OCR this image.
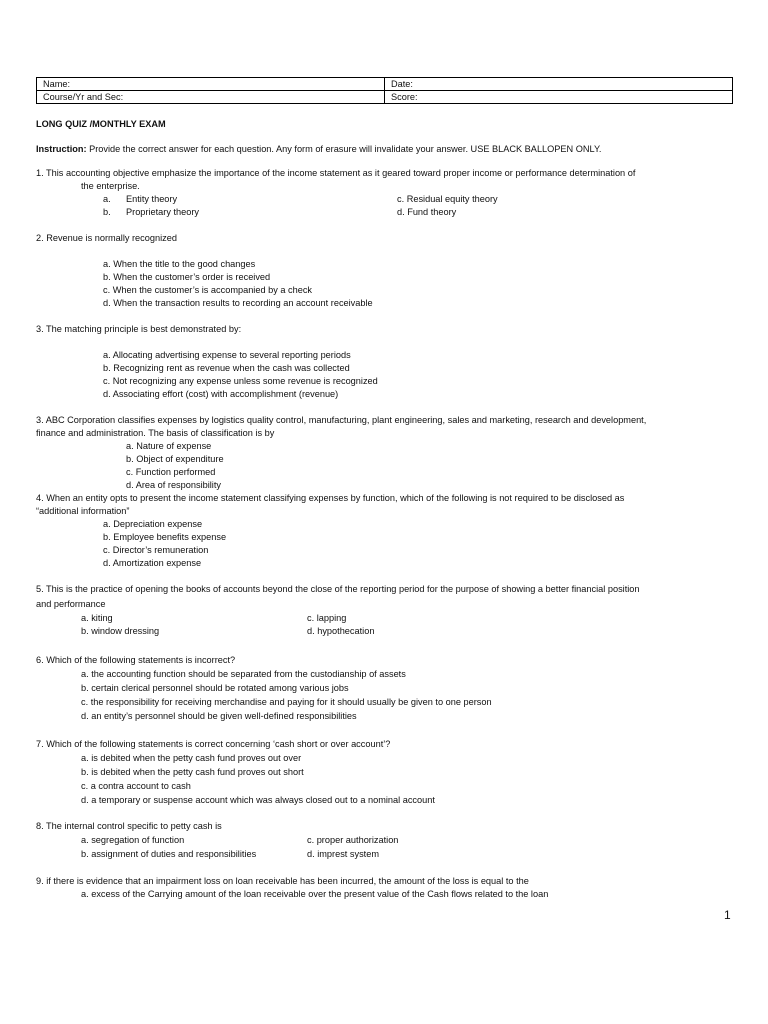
Name:	Date:
Course/Yr and Sec:	Score:
LONG QUIZ /MONTHLY EXAM
Instruction: Provide the correct answer for each question. Any form of erasure will invalidate your answer. USE BLACK BALLOPEN ONLY.
1. This accounting objective emphasize the importance of the income statement as it geared toward proper income or performance determination of
the enterprise.
a. Entity theory	c. Residual equity theory
b. Proprietary theory	d. Fund theory
2. Revenue is normally recognized
a. When the title to the good changes
b. When the customer’s order is received
c. When the customer’s is accompanied by a check
d. When the transaction results to recording an account receivable
3. The matching principle is best demonstrated by:
a. Allocating advertising expense to several reporting periods
b. Recognizing rent as revenue when the cash was collected
c. Not recognizing any expense unless some revenue is recognized
d. Associating effort (cost) with accomplishment (revenue)
3. ABC Corporation classifies expenses by logistics quality control, manufacturing, plant engineering, sales and marketing, research and development,
finance and administration. The basis of classification is by
a. Nature of expense
b. Object of expenditure
c. Function performed
d. Area of responsibility
4. When an entity opts to present the income statement classifying expenses by function, which of the following is not required to be disclosed as
“additional information”
a. Depreciation expense
b. Employee benefits expense
c. Director’s remuneration
d. Amortization expense
5. This is the practice of opening the books of accounts beyond the close of the reporting period for the purpose of showing a better financial position
and performance
a. kiting	c. lapping
b. window dressing	d. hypothecation
6. Which of the following statements is incorrect?
a. the accounting function should be separated from the custodianship of assets
b. certain clerical personnel should be rotated among various jobs
c. the responsibility for receiving merchandise and paying for it should usually be given to one person
d. an entity’s personnel should be given well-defined responsibilities
7. Which of the following statements is correct concerning ‘cash short or over account’?
a. is debited when the petty cash fund proves out over
b. is debited when the petty cash fund proves out short
c. a contra account to cash
d. a temporary or suspense account which was always closed out to a nominal account
8. The internal control specific to petty cash is
a. segregation of function	c. proper authorization
b. assignment of duties and responsibilities	d. imprest system
9. if there is evidence that an impairment loss on loan receivable has been incurred, the amount of the loss is equal to the
a. excess of the Carrying amount of the loan receivable over the present value of the Cash flows related to the loan
1
